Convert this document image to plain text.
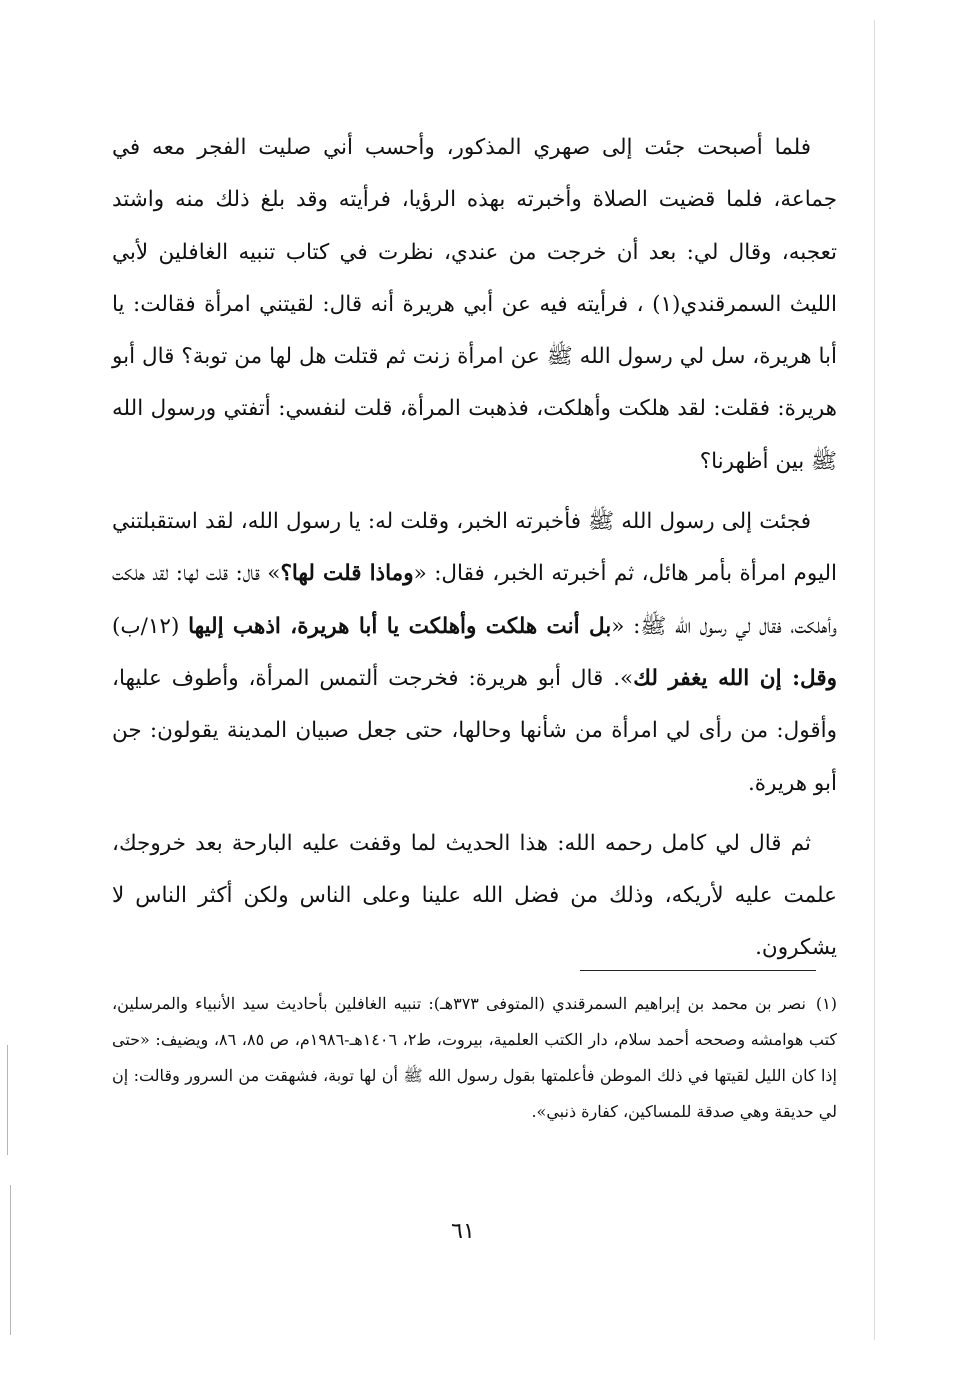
فلما أصبحت جئت إلى صهري المذكور، وأحسب أني صليت الفجر معه في جماعة، فلما قضيت الصلاة وأخبرته بهذه الرؤيا، فرأيته وقد بلغ ذلك منه واشتد تعجبه، وقال لي: بعد أن خرجت من عندي، نظرت في كتاب تنبيه الغافلين لأبي الليث السمرقندي(١) ، فرأيته فيه عن أبي هريرة أنه قال: لقيتني امرأة فقالت: يا أبا هريرة، سل لي رسول الله ﷺ عن امرأة زنت ثم قتلت هل لها من توبة؟ قال أبو هريرة: فقلت: لقد هلكت وأهلكت، فذهبت المرأة، قلت لنفسي: أتفتي ورسول الله ﷺ بين أظهرنا؟

فجئت إلى رسول الله ﷺ فأخبرته الخبر، وقلت له: يا رسول الله، لقد استقبلتني اليوم امرأة بأمر هائل، ثم أخبرته الخبر، فقال: «وماذا قلت لها؟» قال: قلت لها: لقد هلكت وأهلكت، فقال لي رسول الله ﷺ: «بل أنت هلكت وأهلكت يا أبا هريرة، اذهب إليها (١٢/ب) وقل: إن الله يغفر لك». قال أبو هريرة: فخرجت ألتمس المرأة، وأطوف عليها، وأقول: من رأى لي امرأة من شأنها وحالها، حتى جعل صبيان المدينة يقولون: جن أبو هريرة.

ثم قال لي كامل رحمه الله: هذا الحديث لما وقفت عليه البارحة بعد خروجك، علمت عليه لأريكه، وذلك من فضل الله علينا وعلى الناس ولكن أكثر الناس لا يشكرون.

(١)نصر بن محمد بن إبراهيم السمرقندي (المتوفى ٣٧٣هـ): تنبيه الغافلين بأحاديث سيد الأنبياء والمرسلين، كتب هوامشه وصححه أحمد سلام، دار الكتب العلمية، بيروت، ط٢، ١٤٠٦هـ-١٩٨٦م، ص ٨٥، ٨٦، ويضيف: «حتى إذا كان الليل لقيتها في ذلك الموطن فأعلمتها بقول رسول الله ﷺ أن لها توبة، فشهقت من السرور وقالت: إن لي حديقة وهي صدقة للمساكين، كفارة ذنبي».
٦١
